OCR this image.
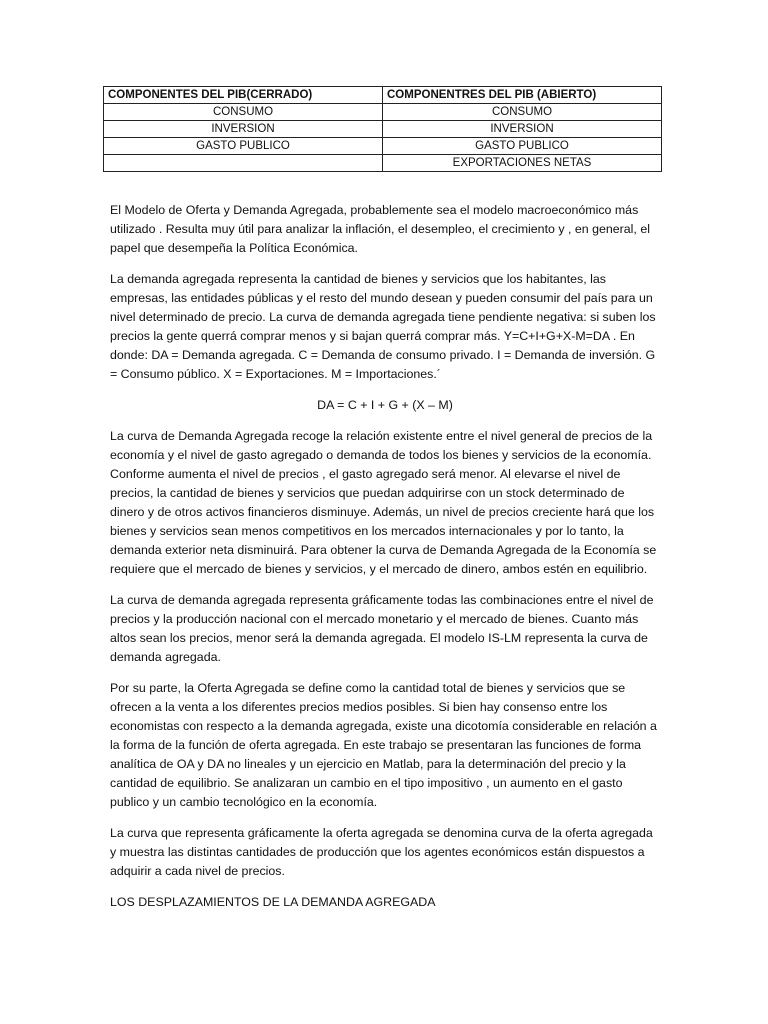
COMPONENTES DEL PIB(CERRADO)	COMPONENTRES DEL PIB (ABIERTO)
CONSUMO	CONSUMO
INVERSION	INVERSION
GASTO PUBLICO	GASTO PUBLICO
	EXPORTACIONES NETAS

El Modelo de Oferta y Demanda Agregada, probablemente sea el modelo macroeconómico más utilizado . Resulta muy útil para analizar la inflación, el desempleo, el crecimiento y , en general, el papel que desempeña la Política Económica.

La demanda agregada representa la cantidad de bienes y servicios que los habitantes, las empresas, las entidades públicas y el resto del mundo desean y pueden consumir del país para un nivel determinado de precio. La curva de demanda agregada tiene pendiente negativa: si suben los precios la gente querrá comprar menos y si bajan querrá comprar más. Y=C+I+G+X-M=DA . En donde: DA = Demanda agregada. C = Demanda de consumo privado. I = Demanda de inversión. G = Consumo público. X = Exportaciones. M = Importaciones.´

DA = C + I + G + (X – M)

La curva de Demanda Agregada recoge la relación existente entre el nivel general de precios de la economía y el nivel de gasto agregado o demanda de todos los bienes y servicios de la economía. Conforme aumenta el nivel de precios , el gasto agregado será menor. Al elevarse el nivel de precios, la cantidad de bienes y servicios que puedan adquirirse con un stock determinado de dinero y de otros activos financieros disminuye. Además, un nivel de precios creciente hará que los bienes y servicios sean menos competitivos en los mercados internacionales y por lo tanto, la demanda exterior neta disminuirá. Para obtener la curva de Demanda Agregada de la Economía se requiere que el mercado de bienes y servicios, y el mercado de dinero, ambos estén en equilibrio.

La curva de demanda agregada representa gráficamente todas las combinaciones entre el nivel de precios y la producción nacional con el mercado monetario y el mercado de bienes. Cuanto más altos sean los precios, menor será la demanda agregada. El modelo IS-LM representa la curva de demanda agregada.

Por su parte, la Oferta Agregada se define como la cantidad total de bienes y servicios que se ofrecen a la venta a los diferentes precios medios posibles. Si bien hay consenso entre los economistas con respecto a la demanda agregada, existe una dicotomía considerable en relación a la forma de la función de oferta agregada. En este trabajo se presentaran las funciones de forma analítica de OA y DA no lineales y un ejercicio en Matlab, para la determinación del precio y la cantidad de equilibrio. Se analizaran un cambio en el tipo impositivo , un aumento en el gasto publico y un cambio tecnológico en la economía.

La curva que representa gráficamente la oferta agregada se denomina curva de la oferta agregada y muestra las distintas cantidades de producción que los agentes económicos están dispuestos a adquirir a cada nivel de precios.

LOS DESPLAZAMIENTOS DE LA DEMANDA AGREGADA
